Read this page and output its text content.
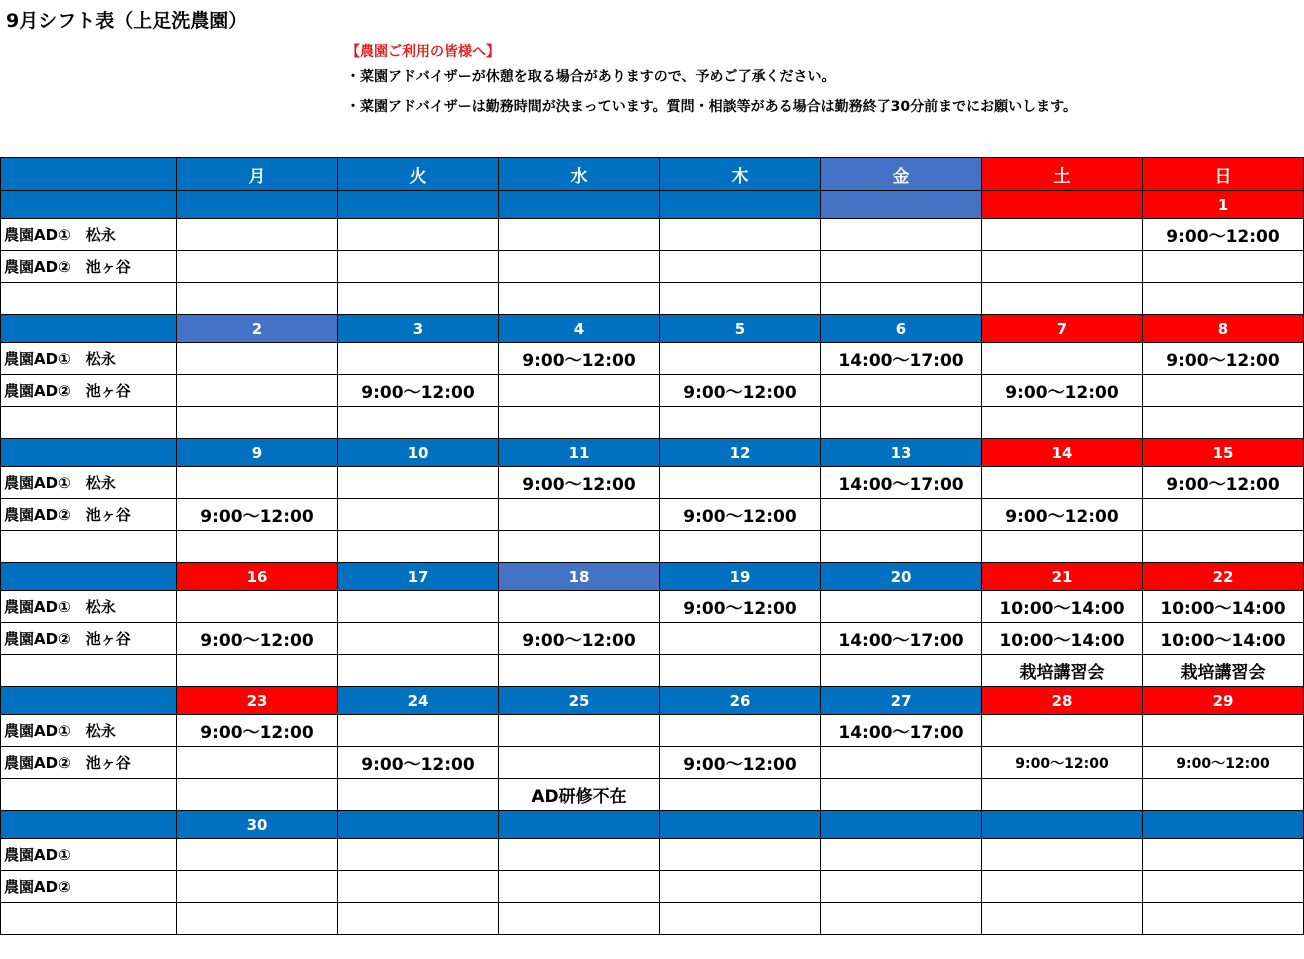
9月シフト表（上足洗農園）
【農園ご利用の皆様へ】
・菜園アドバイザーが休憩を取る場合がありますので、予めご了承ください。
・菜園アドバイザーは勤務時間が決まっています。質問・相談等がある場合は勤務終了30分前までにお願いします。
	月	火	水	木	金	土	日
							1
農園AD①　松永							9:00～12:00
農園AD②　池ヶ谷							

	2	3	4	5	6	7	8
農園AD①　松永			9:00～12:00		14:00～17:00		9:00～12:00
農園AD②　池ヶ谷		9:00～12:00		9:00～12:00		9:00～12:00	

	9	10	11	12	13	14	15
農園AD①　松永			9:00～12:00		14:00～17:00		9:00～12:00
農園AD②　池ヶ谷	9:00～12:00			9:00～12:00		9:00～12:00	

	16	17	18	19	20	21	22
農園AD①　松永				9:00～12:00		10:00～14:00	10:00～14:00
農園AD②　池ヶ谷	9:00～12:00		9:00～12:00		14:00～17:00	10:00～14:00	10:00～14:00
						栽培講習会	栽培講習会
	23	24	25	26	27	28	29
農園AD①　松永	9:00～12:00				14:00～17:00		
農園AD②　池ヶ谷		9:00～12:00		9:00～12:00		9:00～12:00	9:00～12:00
			AD研修不在				
	30						
農園AD①							
農園AD②							
